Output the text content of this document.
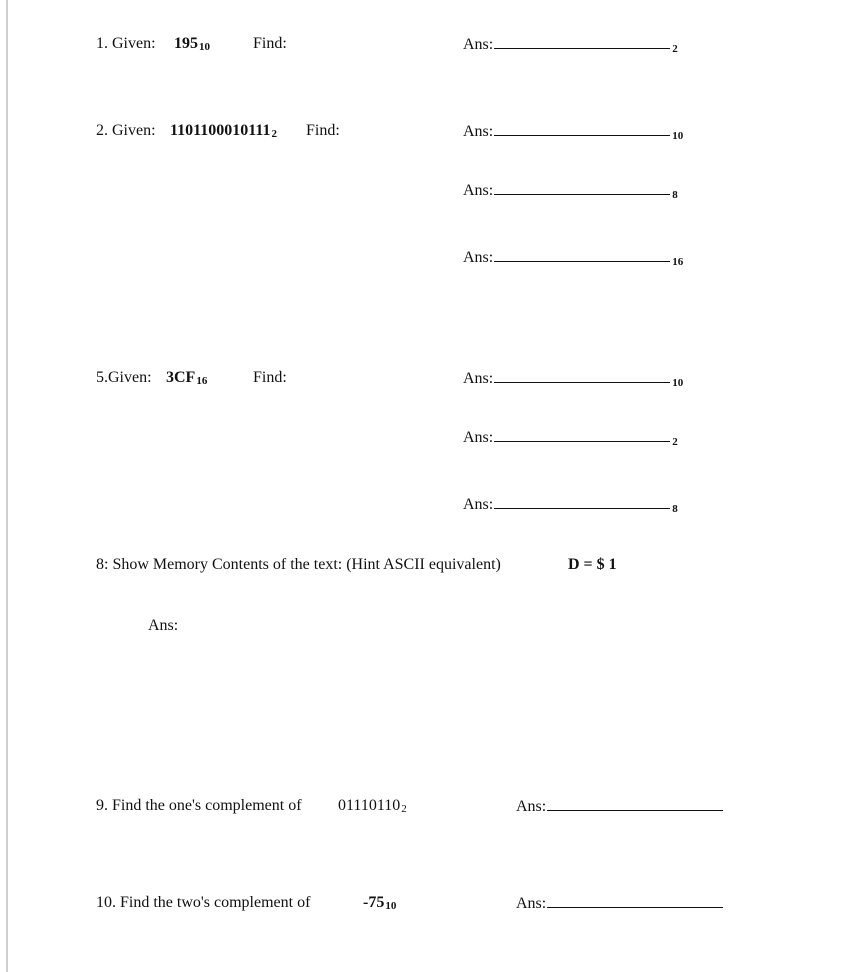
1. Given: 19510	Find:	Ans:	2
2. Given: 11011000101112 Find:	Ans:	10
Ans:	8
Ans:	16
5.Given: 3CF16	Find:	Ans:	10
Ans:	2
Ans:	8
8: Show Memory Contents of the text: (Hint ASCII equivalent)	D = $ 1
Ans:
9. Find the one's complement of 011101102	Ans:
10. Find the two's complement of	-7510	Ans:
